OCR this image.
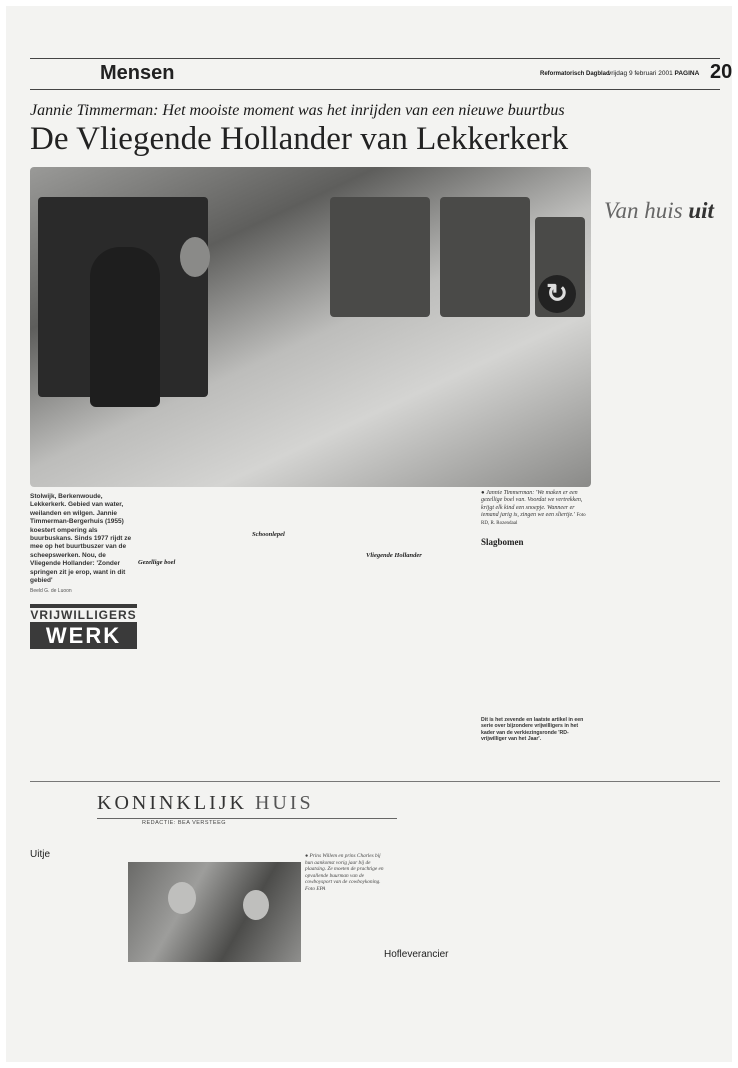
Mensen	Reformatorisch Dagblad
vrijdag 9 februari 2001 PAGINA 20
Jannie Timmerman: Het mooiste moment was het inrijden van een nieuwe buurtbus
De Vliegende Hollander van Lekkerkerk
↻
Van huis uit
Stolwijk, Berkenwoude, Lekkerkerk. Gebied van water, weilanden en wilgen. Jannie Timmerman-Bergerhuis (1955) koestert ompering als buurbuskans. Sinds 1977 rijdt ze mee op het buurtbuszer van de scheepswerken. Nou, de Vliegende Hollander: 'Zonder springen zit je erop, want in dit gebied'
Beeld G. de Luoon
VRIJWILLIGERS
WERK
Gezellige boel
Schoonlepel
Vliegende Hollander
Slagbomen
● Jannie Timmerman: 'We maken er een gezellige boel van. Voordat we vertrekken, krijgt elk kind een snoepje. Wanneer er iemand jarig is, zingen we een sliertje.' Foto RD, R. Rozendaal
Dit is het zevende en laatste artikel in een serie over bijzondere vrijwilligers in het kader van de verkiezingsronde 'RD-vrijwilliger van het Jaar'.
KONINKLIJK HUIS
REDACTIE: BEA VERSTEEG
Uitje	● Prins Willem en prins Charles bij hun aankomst vorig jaar bij de plaatsing. Ze moeten de prachtige en opvallende buurman van de cowboysport van de cowboykoning. Foto EPA
Hofleverancier
